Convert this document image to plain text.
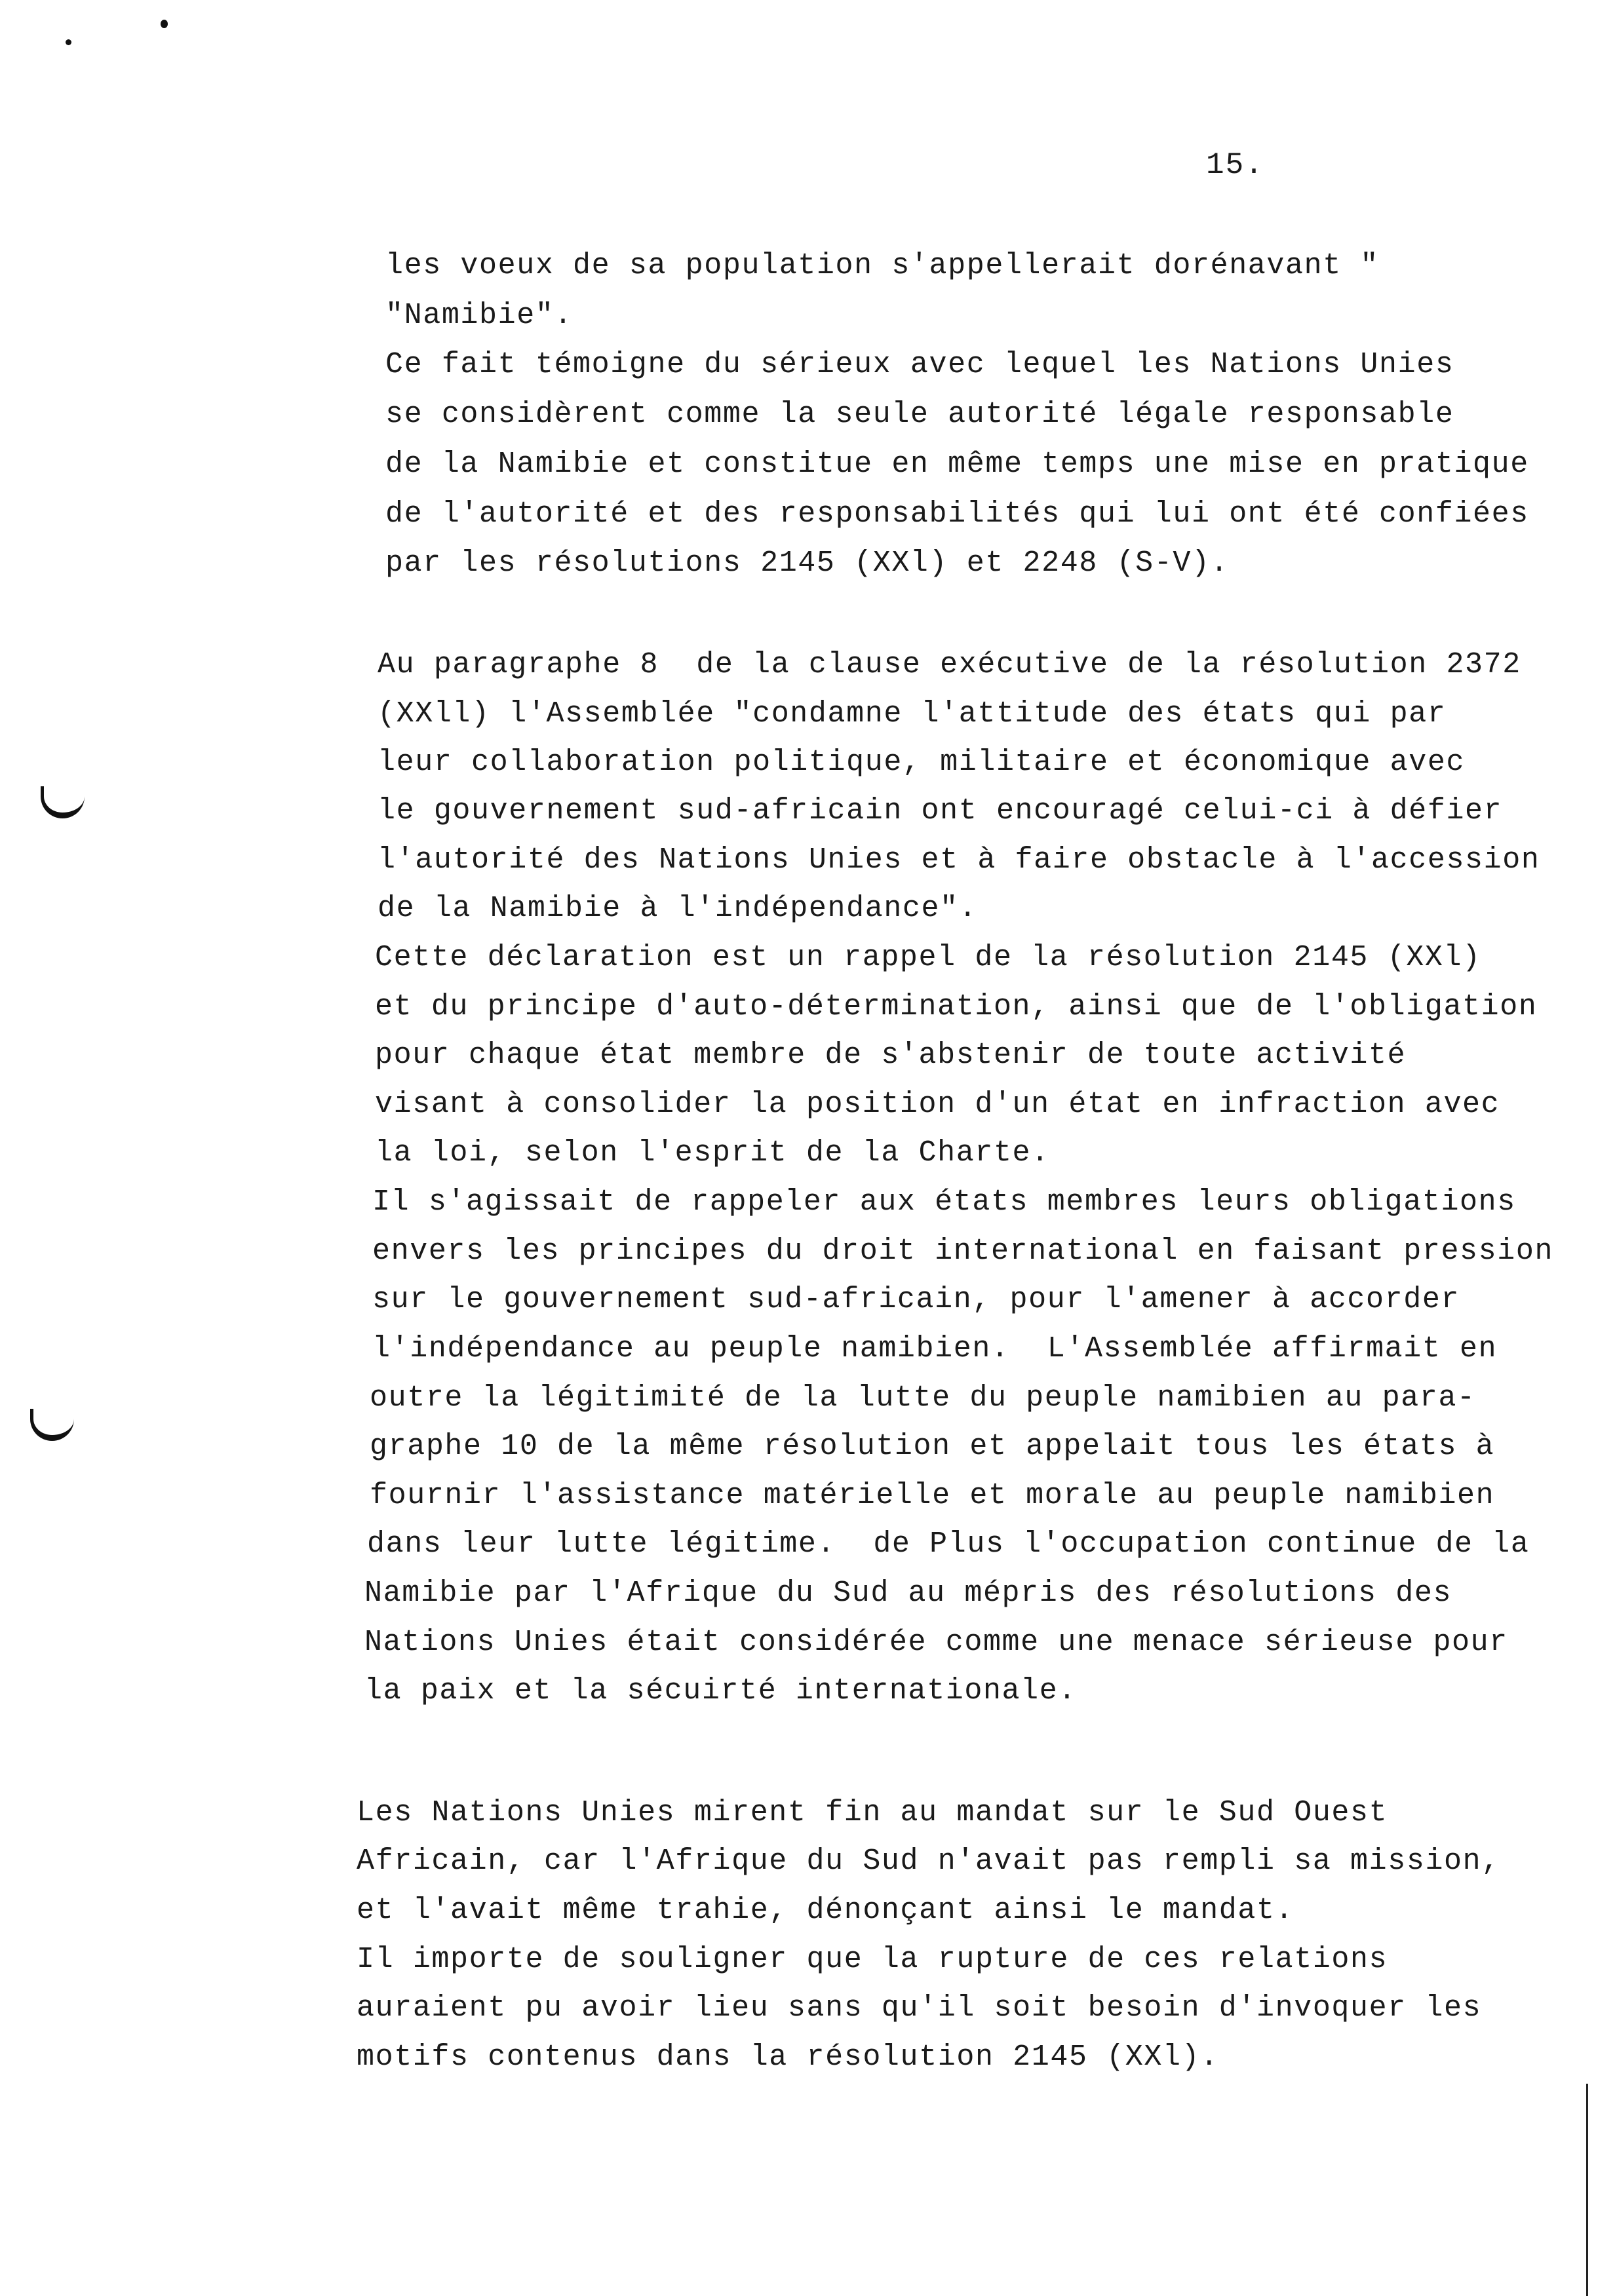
15.
les voeux de sa population s'appellerait dorénavant "
"Namibie".
Ce fait témoigne du sérieux avec lequel les Nations Unies
se considèrent comme la seule autorité légale responsable
de la Namibie et constitue en même temps une mise en pratique
de l'autorité et des responsabilités qui lui ont été confiées
par les résolutions 2145 (XXl) et 2248 (S-V).
Au paragraphe 8  de la clause exécutive de la résolution 2372
(XXll) l'Assemblée "condamne l'attitude des états qui par
leur collaboration politique, militaire et économique avec
le gouvernement sud-africain ont encouragé celui-ci à défier
l'autorité des Nations Unies et à faire obstacle à l'accession
de la Namibie à l'indépendance".
Cette déclaration est un rappel de la résolution 2145 (XXl)
et du principe d'auto-détermination, ainsi que de l'obligation
pour chaque état membre de s'abstenir de toute activité
visant à consolider la position d'un état en infraction avec
la loi, selon l'esprit de la Charte.
Il s'agissait de rappeler aux états membres leurs obligations
envers les principes du droit international en faisant pression
sur le gouvernement sud-africain, pour l'amener à accorder
l'indépendance au peuple namibien.  L'Assemblée affirmait en
outre la légitimité de la lutte du peuple namibien au para-
graphe 10 de la même résolution et appelait tous les états à
fournir l'assistance matérielle et morale au peuple namibien
dans leur lutte légitime.  de Plus l'occupation continue de la
Namibie par l'Afrique du Sud au mépris des résolutions des
Nations Unies était considérée comme une menace sérieuse pour
la paix et la sécuirté internationale.
Les Nations Unies mirent fin au mandat sur le Sud Ouest
Africain, car l'Afrique du Sud n'avait pas rempli sa mission,
et l'avait même trahie, dénonçant ainsi le mandat.
Il importe de souligner que la rupture de ces relations
auraient pu avoir lieu sans qu'il soit besoin d'invoquer les
motifs contenus dans la résolution 2145 (XXl).
